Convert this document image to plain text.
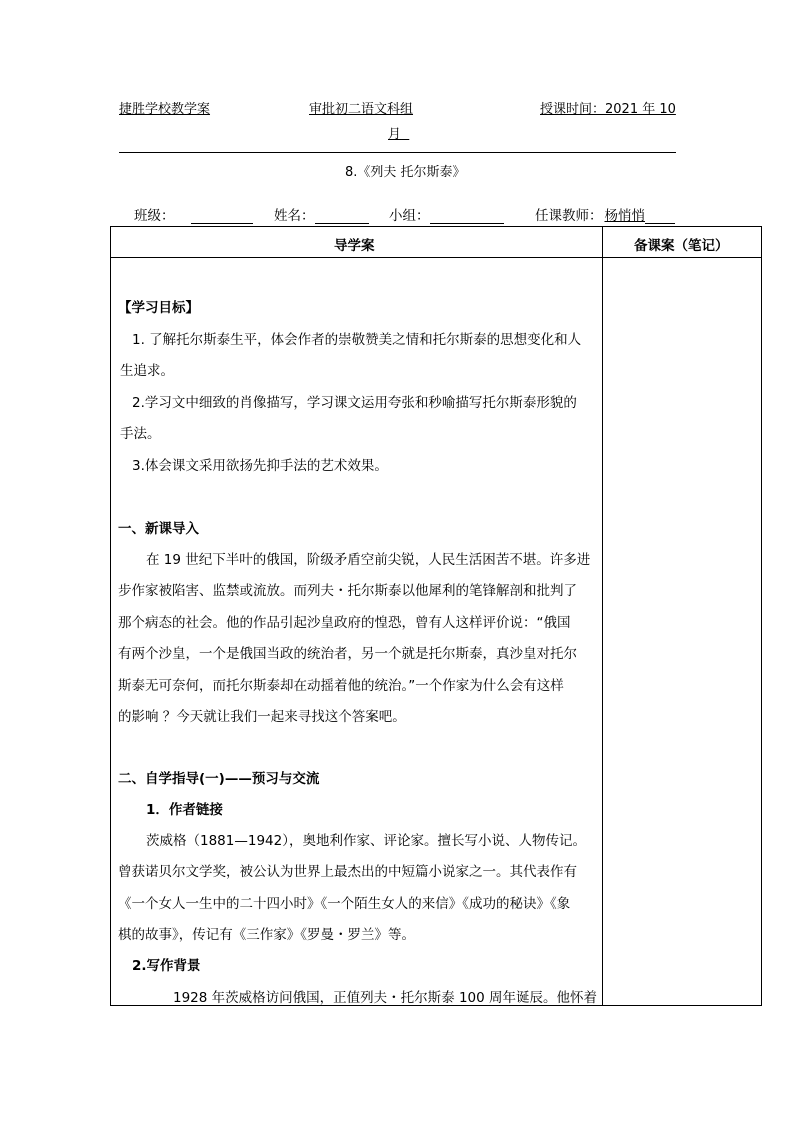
捷胜学校教学案	审批初二语文科组	授课时间：2021 年 10
月
8.《列夫 托尔斯泰》
班级：	姓名：	小组：	任课教师： 杨悄悄
导学案	备课案（笔记）
【学习目标】
1. 了解托尔斯泰生平，体会作者的崇敬赞美之情和托尔斯泰的思想变化和人
生追求。
2.学习文中细致的肖像描写，学习课文运用夸张和秒喻描写托尔斯泰形貌的
手法。
3.体会课文采用欲扬先抑手法的艺术效果。
一、新课导入
在 19 世纪下半叶的俄国，阶级矛盾空前尖锐，人民生活困苦不堪。许多进
步作家被陷害、监禁或流放。而列夫・托尔斯泰以他犀利的笔锋解剖和批判了
那个病态的社会。他的作品引起沙皇政府的惶恐，曾有人这样评价说：“俄国
有两个沙皇，一个是俄国当政的统治者，另一个就是托尔斯泰，真沙皇对托尔
斯泰无可奈何，而托尔斯泰却在动摇着他的统治。”一个作家为什么会有这样
的影响 ？今天就让我们一起来寻找这个答案吧。
二、自学指导(一)——预习与交流
1．作者链接
茨威格（1881—1942），奥地利作家、评论家。擅长写小说、人物传记。
曾获诺贝尔文学奖，被公认为世界上最杰出的中短篇小说家之一。其代表作有
《一个女人一生中的二十四小时》《一个陌生女人的来信》《成功的秘诀》《象
棋的故事》，传记有《三作家》《罗曼・罗兰》等。
2.写作背景
1928 年茨威格访问俄国，正值列夫・托尔斯泰 100 周年诞辰。他怀着
